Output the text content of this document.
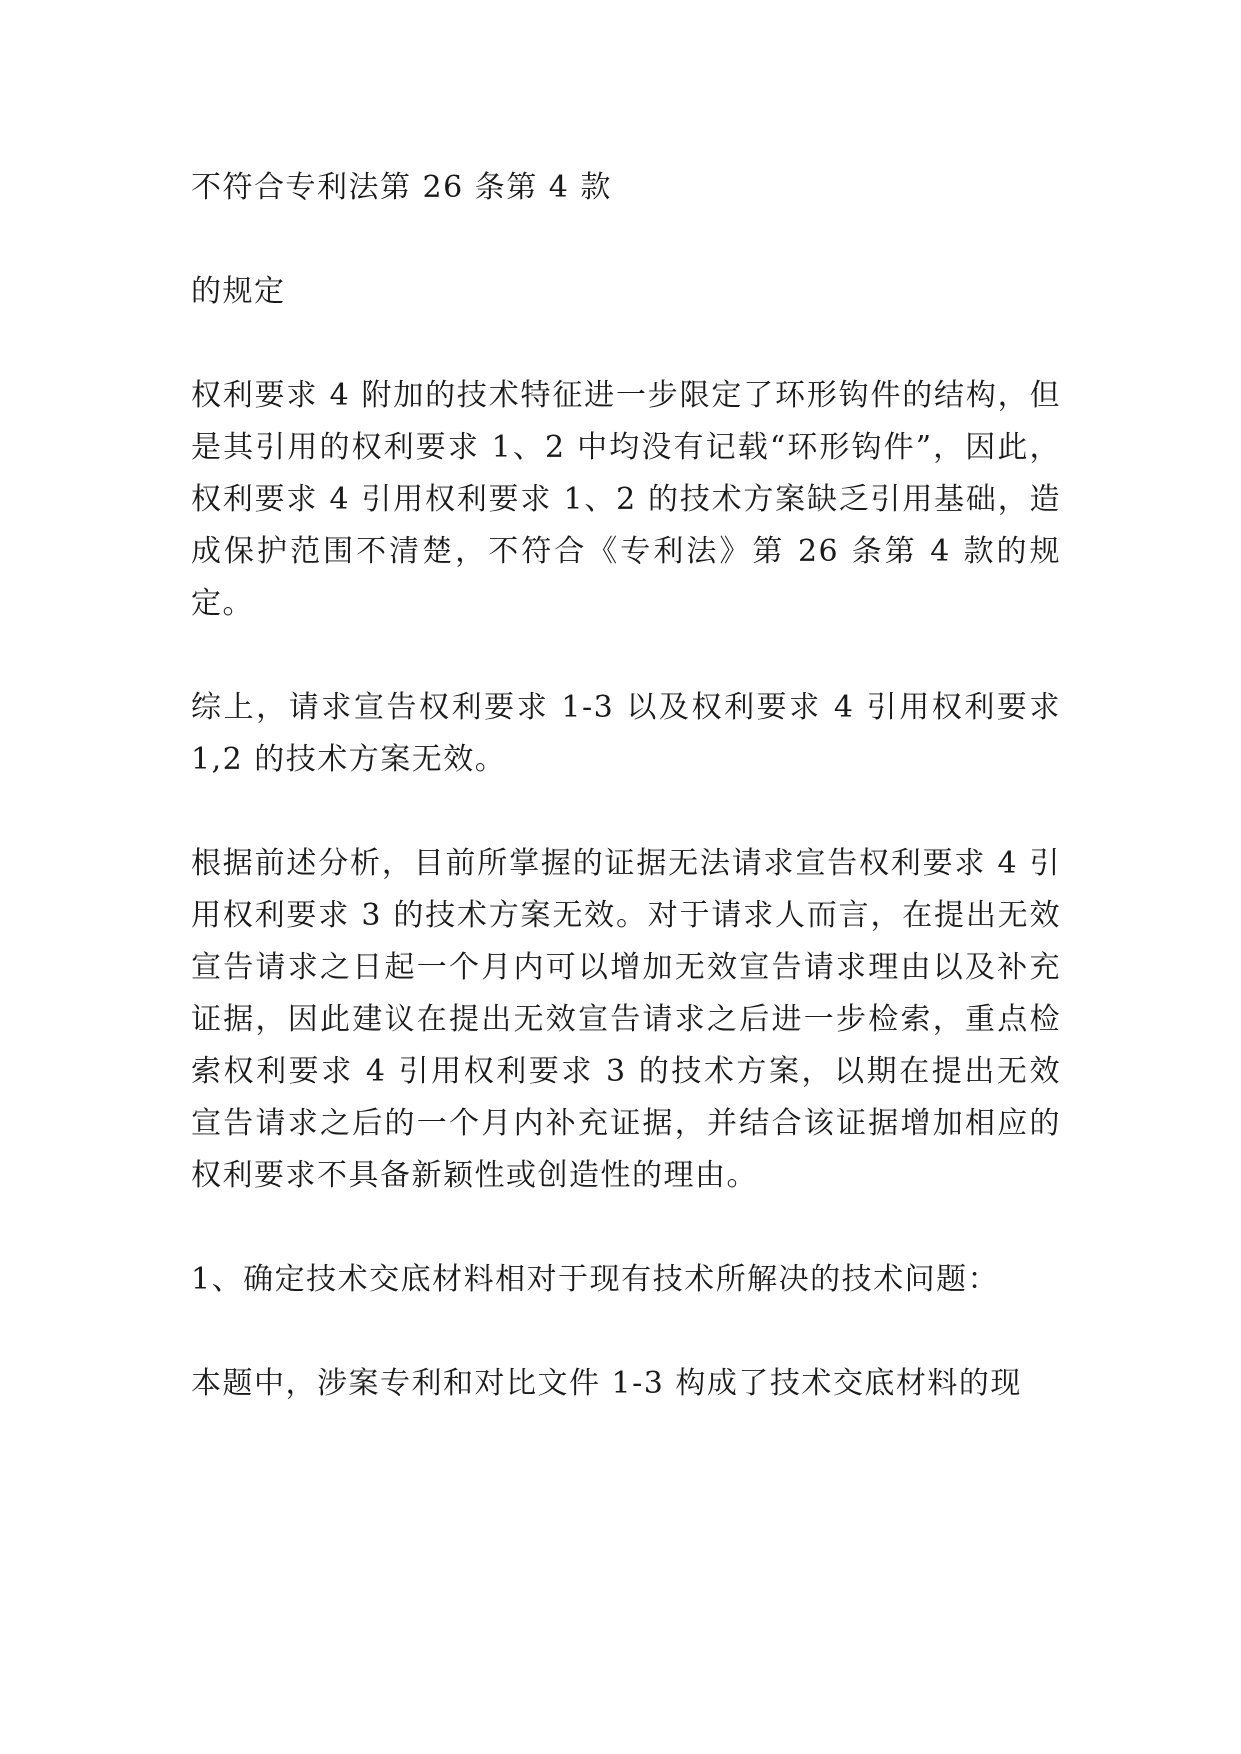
不符合专利法第 26 条第 4 款

的规定

权利要求 4 附加的技术特征进一步限定了环形钩件的结构，但是其引用的权利要求 1、2 中均没有记载“环形钩件”，因此，权利要求 4 引用权利要求 1、2 的技术方案缺乏引用基础，造成保护范围不清楚，不符合《专利法》第 26 条第 4 款的规定。

综上，请求宣告权利要求 1-3 以及权利要求 4 引用权利要求 1,2 的技术方案无效。

根据前述分析，目前所掌握的证据无法请求宣告权利要求 4 引用权利要求 3 的技术方案无效。对于请求人而言，在提出无效宣告请求之日起一个月内可以增加无效宣告请求理由以及补充证据，因此建议在提出无效宣告请求之后进一步检索，重点检索权利要求 4 引用权利要求 3 的技术方案，以期在提出无效宣告请求之后的一个月内补充证据，并结合该证据增加相应的权利要求不具备新颖性或创造性的理由。

1、确定技术交底材料相对于现有技术所解决的技术问题：

本题中，涉案专利和对比文件 1-3 构成了技术交底材料的现
